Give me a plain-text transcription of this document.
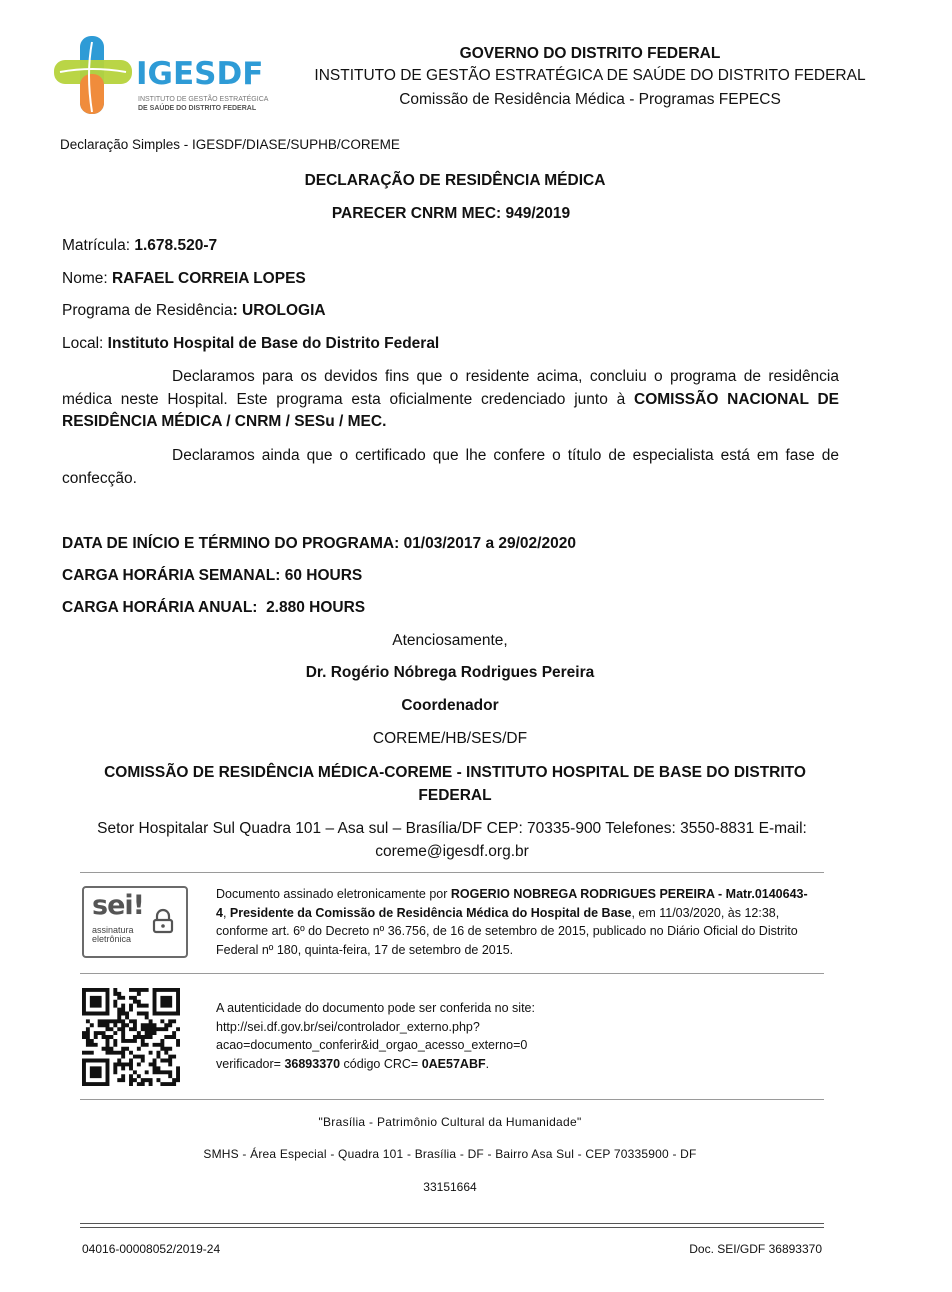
IGESDF
INSTITUTO DE GESTÃO ESTRATÉGICA
DE SAÚDE DO DISTRITO FEDERAL
GOVERNO DO DISTRITO FEDERAL
INSTITUTO DE GESTÃO ESTRATÉGICA DE SAÚDE DO DISTRITO FEDERAL
Comissão de Residência Médica - Programas FEPECS
Declaração Simples - IGESDF/DIASE/SUPHB/COREME
DECLARAÇÃO DE RESIDÊNCIA MÉDICA
PARECER CNRM MEC: 949/2019
Matrícula: 1.678.520-7
Nome: RAFAEL CORREIA LOPES
Programa de Residência: UROLOGIA
Local: Instituto Hospital de Base do Distrito Federal
Declaramos para os devidos fins que o residente acima, concluiu o programa de residência médica neste Hospital. Este programa esta oficialmente credenciado junto à COMISSÃO NACIONAL DE RESIDÊNCIA MÉDICA / CNRM / SESu / MEC.
Declaramos ainda que o certificado que lhe confere o título de especialista está em fase de confecção.
DATA DE INÍCIO E TÉRMINO DO PROGRAMA: 01/03/2017 a 29/02/2020
CARGA HORÁRIA SEMANAL: 60 HOURS
CARGA HORÁRIA ANUAL:  2.880 HOURS
Atenciosamente,
Dr. Rogério Nóbrega Rodrigues Pereira
Coordenador
COREME/HB/SES/DF
COMISSÃO DE RESIDÊNCIA MÉDICA-COREME - INSTITUTO HOSPITAL DE BASE DO DISTRITO
FEDERAL
Setor Hospitalar Sul Quadra 101 – Asa sul – Brasília/DF CEP: 70335-900 Telefones: 3550-8831 E-mail:
coreme@igesdf.org.br
sei!
assinatura
eletrônica
Documento assinado eletronicamente por ROGERIO NOBREGA RODRIGUES PEREIRA - Matr.0140643-4, Presidente da Comissão de Residência Médica do Hospital de Base, em 11/03/2020, às 12:38, conforme art. 6º do Decreto nº 36.756, de 16 de setembro de 2015, publicado no Diário Oficial do Distrito Federal nº 180, quinta-feira, 17 de setembro de 2015.
A autenticidade do documento pode ser conferida no site:
http://sei.df.gov.br/sei/controlador_externo.php?
acao=documento_conferir&id_orgao_acesso_externo=0
verificador= 36893370 código CRC= 0AE57ABF.
"Brasília - Patrimônio Cultural da Humanidade"
SMHS - Área Especial - Quadra 101 - Brasília - DF - Bairro Asa Sul - CEP 70335900 - DF
33151664
04016-00008052/2019-24	Doc. SEI/GDF 36893370
